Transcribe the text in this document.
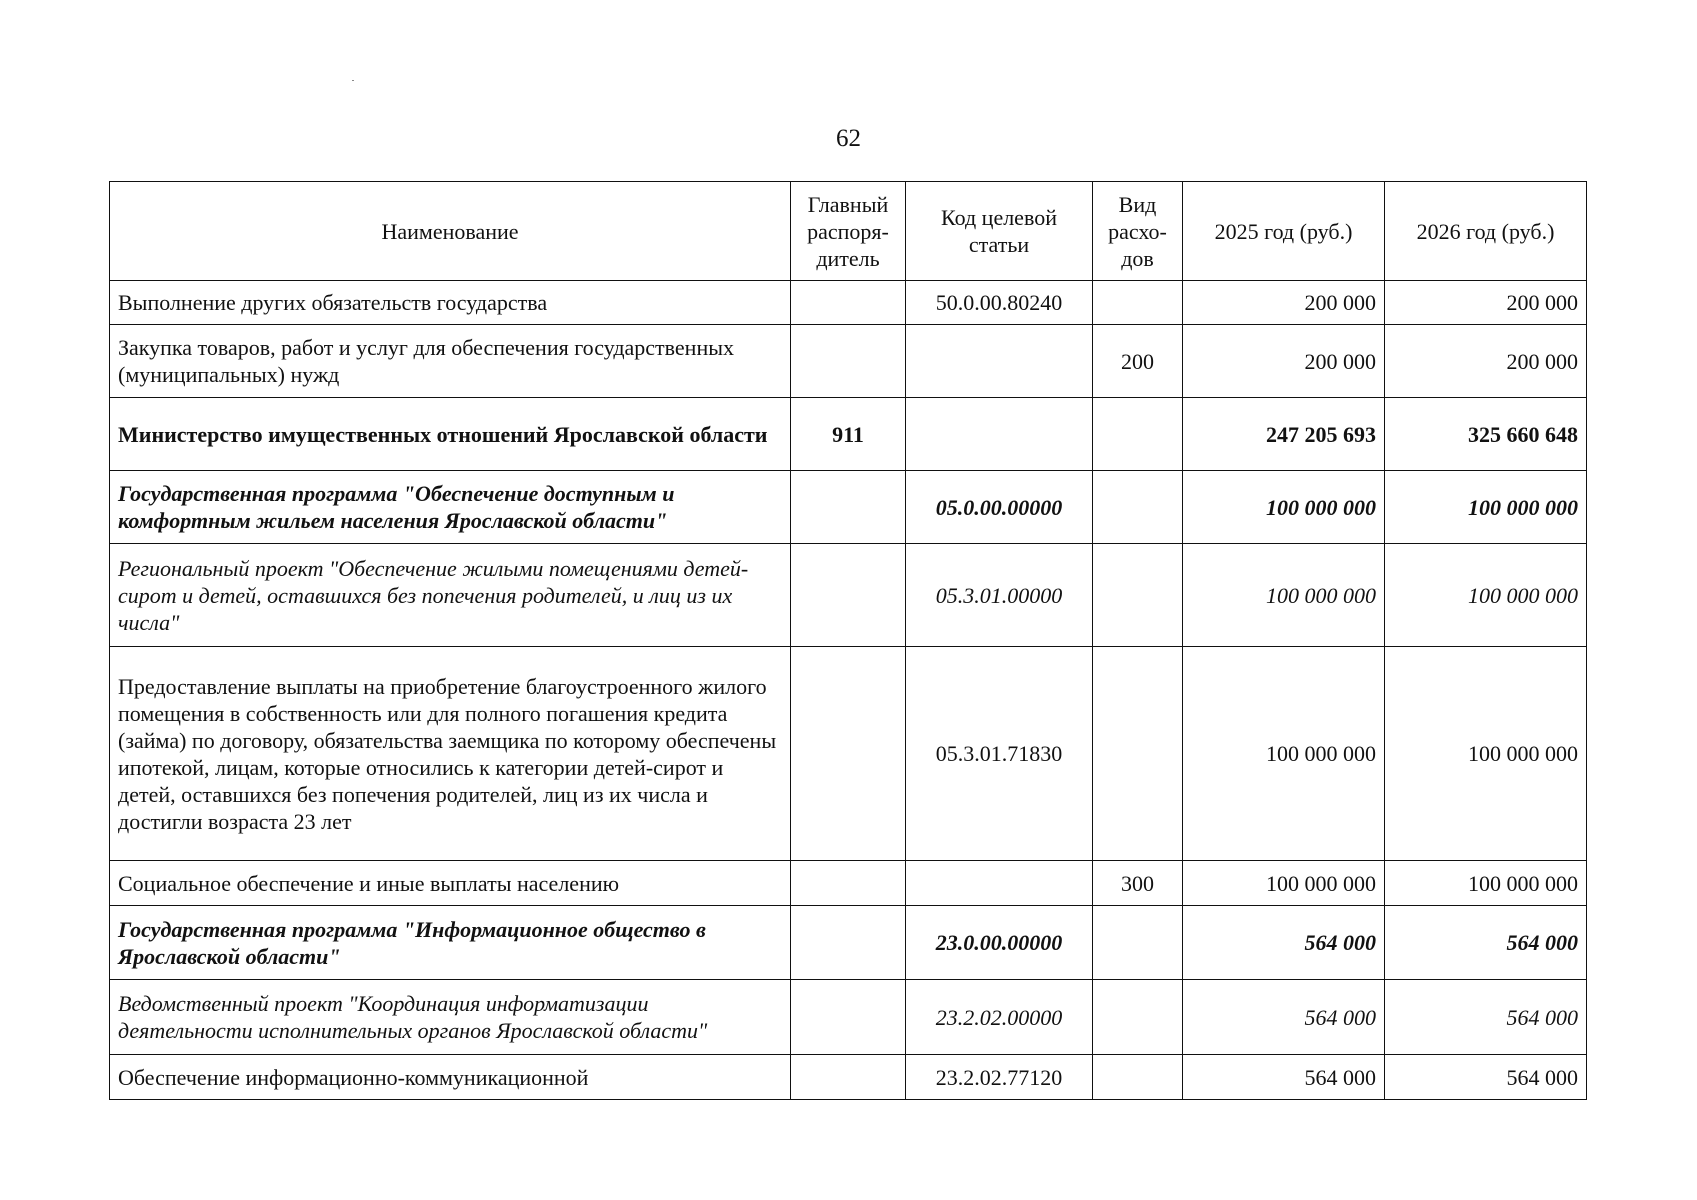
62
Наименование	Главный распоря-дитель	Код целевой статьи	Вид расхо-дов	2025 год (руб.)	2026 год (руб.)
Выполнение других обязательств государства		50.0.00.80240		200 000	200 000
Закупка товаров, работ и услуг для обеспечения государственных (муниципальных) нужд			200	200 000	200 000
Министерство имущественных отношений Ярославской области	911			247 205 693	325 660 648
Государственная программа "Обеспечение доступным и комфортным жильем населения Ярославской области"		05.0.00.00000		100 000 000	100 000 000
Региональный проект "Обеспечение жилыми помещениями детей-сирот и детей, оставшихся без попечения родителей, и лиц из их числа"		05.3.01.00000		100 000 000	100 000 000
Предоставление выплаты на приобретение благоустроенного жилого помещения в собственность или для полного погашения кредита (займа) по договору, обязательства заемщика по которому обеспечены ипотекой, лицам, которые относились к категории детей-сирот и детей, оставшихся без попечения родителей, лиц из их числа и достигли возраста 23 лет		05.3.01.71830		100 000 000	100 000 000
Социальное обеспечение и иные выплаты населению			300	100 000 000	100 000 000
Государственная программа "Информационное общество в Ярославской области"		23.0.00.00000		564 000	564 000
Ведомственный проект "Координация информатизации деятельности исполнительных органов Ярославской области"		23.2.02.00000		564 000	564 000
Обеспечение информационно-коммуникационной		23.2.02.77120		564 000	564 000
